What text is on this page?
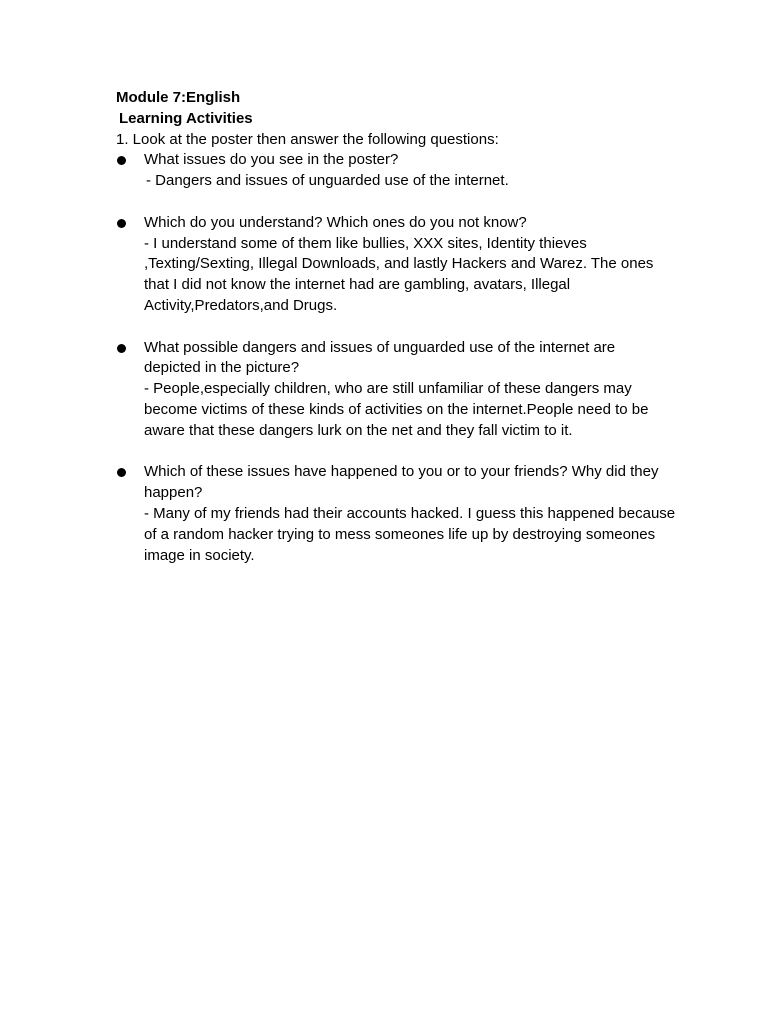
Module 7:English

Learning Activities

1. Look at the poster then answer the following questions:

What issues do you see in the poster?
- Dangers and issues of unguarded use of the internet.
Which do you understand? Which ones do you not know?
- I understand some of them like bullies, XXX sites, Identity thieves ,Texting/Sexting, Illegal Downloads, and lastly Hackers and Warez. The ones that I did not know the internet had are gambling, avatars, Illegal Activity,Predators,and Drugs.
What possible dangers and issues of unguarded use of the internet are depicted in the picture?
- People,especially children, who are still unfamiliar of these dangers may become victims of these kinds of activities on the internet.People need to be aware that these dangers lurk on the net and they fall victim to it.
Which of these issues have happened to you or to your friends? Why did they happen?
- Many of my friends had their accounts hacked. I guess this happened because of a random hacker trying to mess someones life up by destroying someones image in society.
